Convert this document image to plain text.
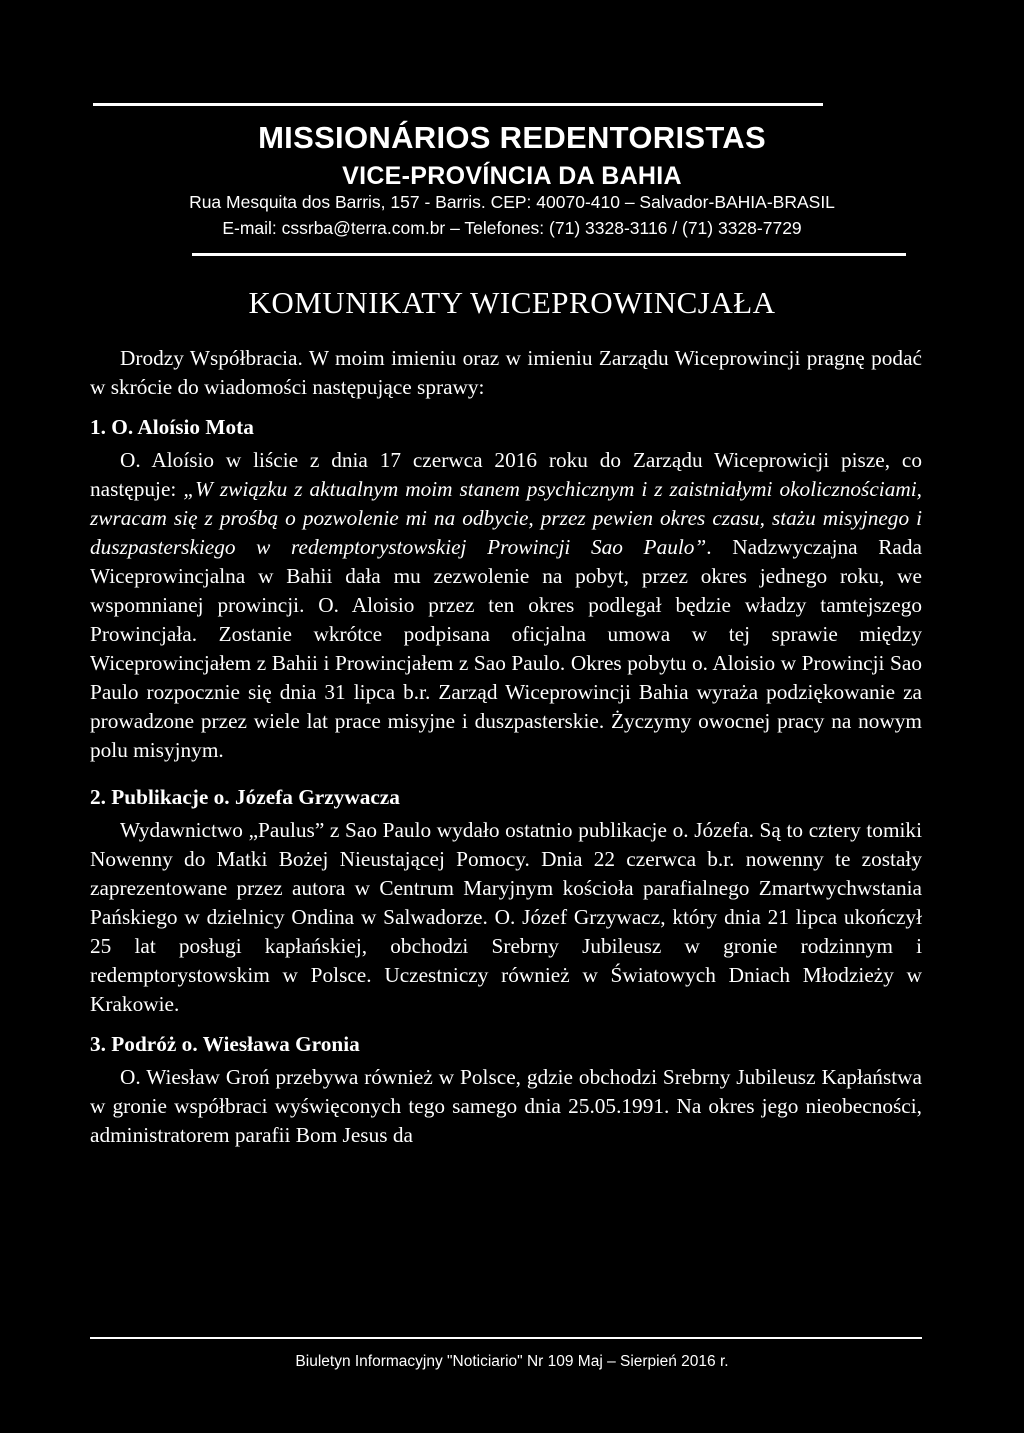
MISSIONÁRIOS REDENTORISTAS
VICE-PROVÍNCIA DA BAHIA
Rua Mesquita dos Barris, 157 - Barris. CEP: 40070-410 – Salvador-BAHIA-BRASIL
E-mail: cssrba@terra.com.br – Telefones: (71) 3328-3116 / (71) 3328-7729
KOMUNIKATY WICEPROWINCJAŁA

Drodzy Współbracia. W moim imieniu oraz w imieniu Zarządu Wiceprowincji pragnę podać w skrócie do wiadomości następujące sprawy:

1. O. Aloísio Mota

O. Aloísio w liście z dnia 17 czerwca 2016 roku do Zarządu Wiceprowicji pisze, co następuje: „W związku z aktualnym moim stanem psychicznym i z zaistniałymi okolicznościami, zwracam się z prośbą o pozwolenie mi na odbycie, przez pewien okres czasu, stażu misyjnego i duszpasterskiego w redemptorystowskiej Prowincji Sao Paulo”. Nadzwyczajna Rada Wiceprowincjalna w Bahii dała mu zezwolenie na pobyt, przez okres jednego roku, we wspomnianej prowincji. O. Aloisio przez ten okres podlegał będzie władzy tamtejszego Prowincjała. Zostanie wkrótce podpisana oficjalna umowa w tej sprawie między Wiceprowincjałem z Bahii i Prowincjałem z Sao Paulo. Okres pobytu o. Aloisio w Prowincji Sao Paulo rozpocznie się dnia 31 lipca b.r. Zarząd Wiceprowincji Bahia wyraża podziękowanie za prowadzone przez wiele lat prace misyjne i duszpasterskie. Życzymy owocnej pracy na nowym polu misyjnym.

2. Publikacje o. Józefa Grzywacza

Wydawnictwo „Paulus” z Sao Paulo wydało ostatnio publikacje o. Józefa. Są to cztery tomiki Nowenny do Matki Bożej Nieustającej Pomocy. Dnia 22 czerwca b.r. nowenny te zostały zaprezentowane przez autora w Centrum Maryjnym kościoła parafialnego Zmartwychwstania Pańskiego w dzielnicy Ondina w Salwadorze. O. Józef Grzywacz, który dnia 21 lipca ukończył 25 lat posługi kapłańskiej, obchodzi Srebrny Jubileusz w gronie rodzinnym i redemptorystowskim w Polsce. Uczestniczy również w Światowych Dniach Młodzieży w Krakowie.

3. Podróż o. Wiesława Gronia

O. Wiesław Groń przebywa również w Polsce, gdzie obchodzi Srebrny Jubileusz Kapłaństwa w gronie współbraci wyświęconych tego samego dnia 25.05.1991. Na okres jego nieobecności, administratorem parafii Bom Jesus da

Biuletyn Informacyjny "Noticiario" Nr 109 Maj – Sierpień 2016 r.
